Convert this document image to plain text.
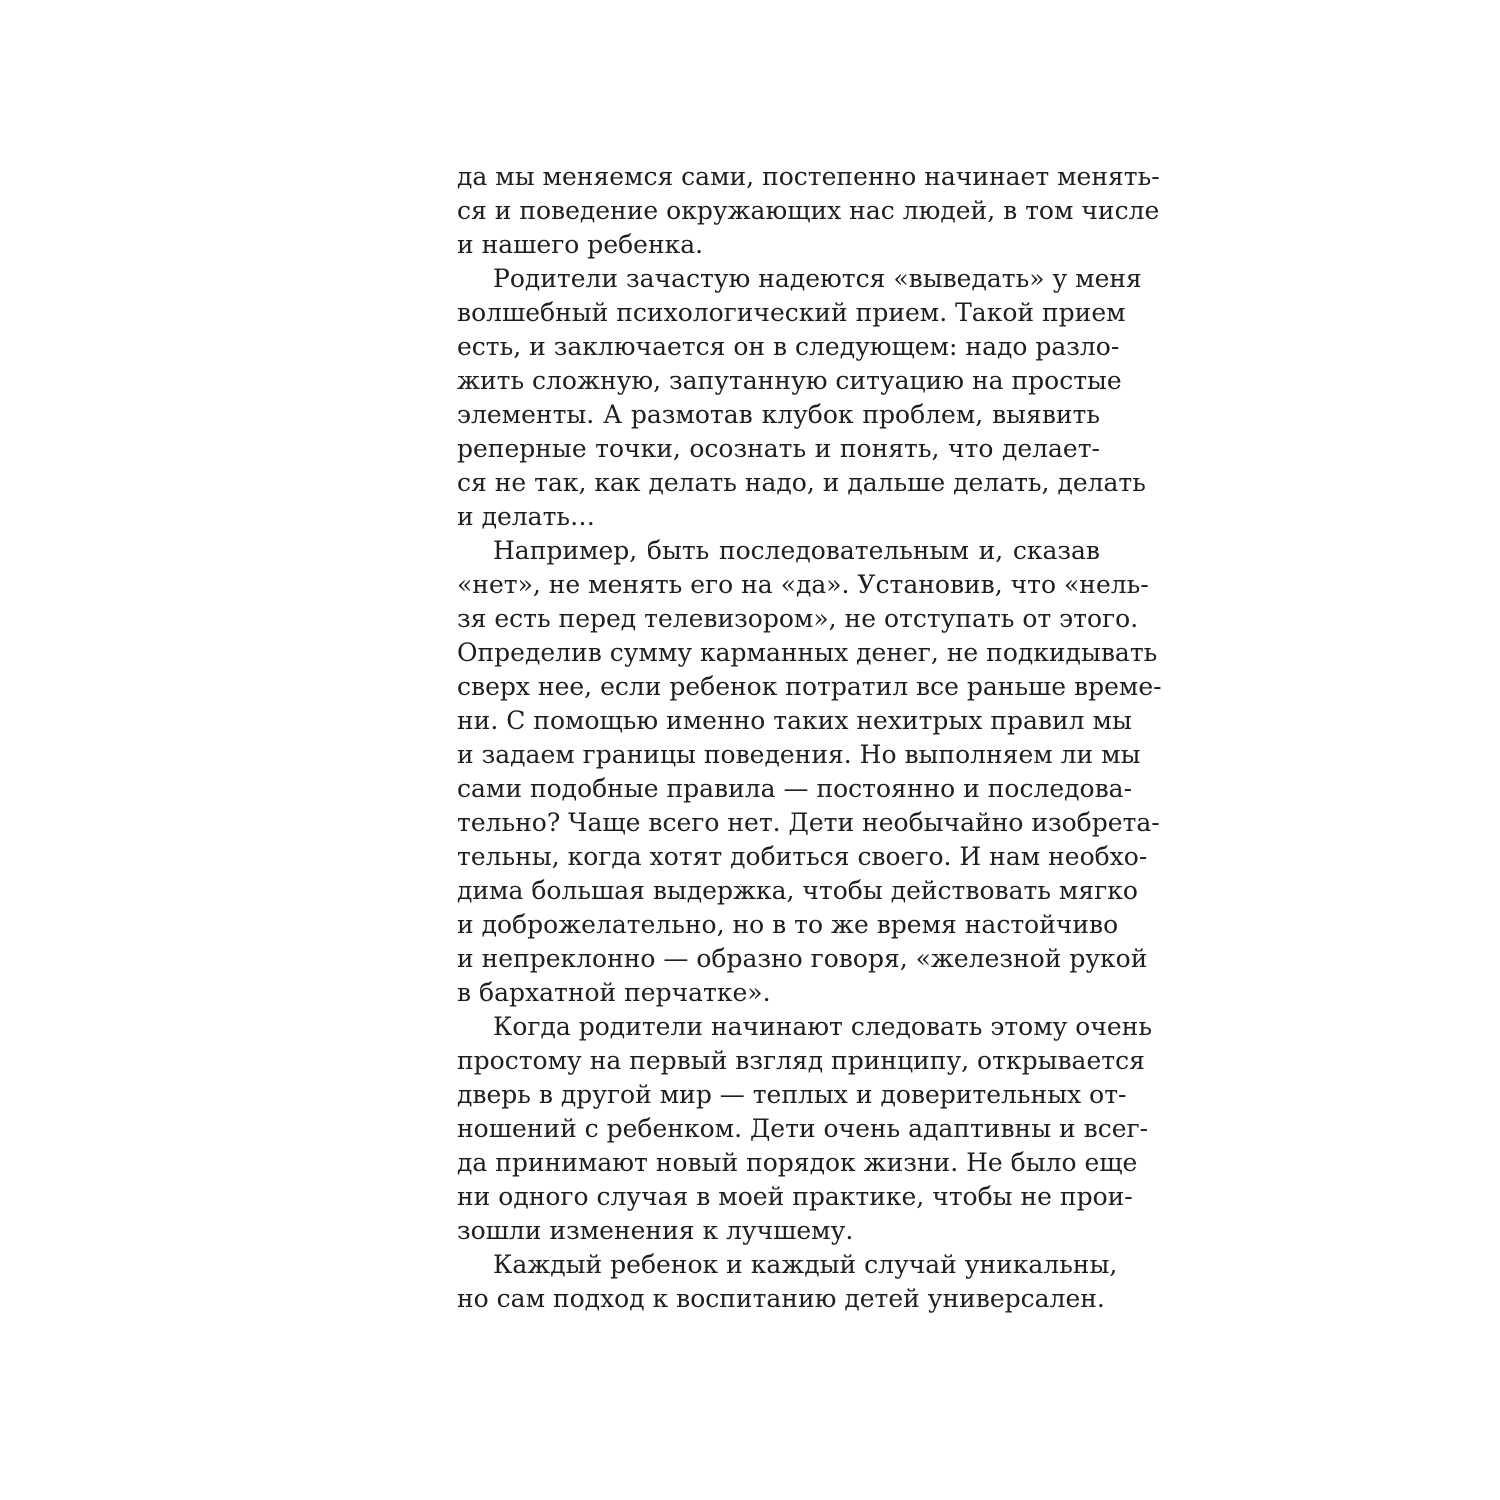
да мы меняемся сами, постепенно начинает менять-
ся и поведение окружающих нас людей, в том числе
и нашего ребенка.
Родители зачастую надеются «выведать» у меня
волшебный психологический прием. Такой прием
есть, и заключается он в следующем: надо разло-
жить сложную, запутанную ситуацию на простые
элементы. А размотав клубок проблем, выявить
реперные точки, осознать и понять, что делает-
ся не так, как делать надо, и дальше делать, делать
и делать…
Например, быть последовательным и, сказав
«нет», не менять его на «да». Установив, что «нель-
зя есть перед телевизором», не отступать от этого.
Определив сумму карманных денег, не подкидывать
сверх нее, если ребенок потратил все раньше време-
ни. С помощью именно таких нехитрых правил мы
и задаем границы поведения. Но выполняем ли мы
сами подобные правила — постоянно и последова-
тельно? Чаще всего нет. Дети необычайно изобрета-
тельны, когда хотят добиться своего. И нам необхо-
дима большая выдержка, чтобы действовать мягко
и доброжелательно, но в то же время настойчиво
и непреклонно — образно говоря, «железной рукой
в бархатной перчатке».
Когда родители начинают следовать этому очень
простому на первый взгляд принципу, открывается
дверь в другой мир — теплых и доверительных от-
ношений с ребенком. Дети очень адаптивны и всег-
да принимают новый порядок жизни. Не было еще
ни одного случая в моей практике, чтобы не прои-
зошли изменения к лучшему.
Каждый ребенок и каждый случай уникальны,
но сам подход к воспитанию детей универсален.
